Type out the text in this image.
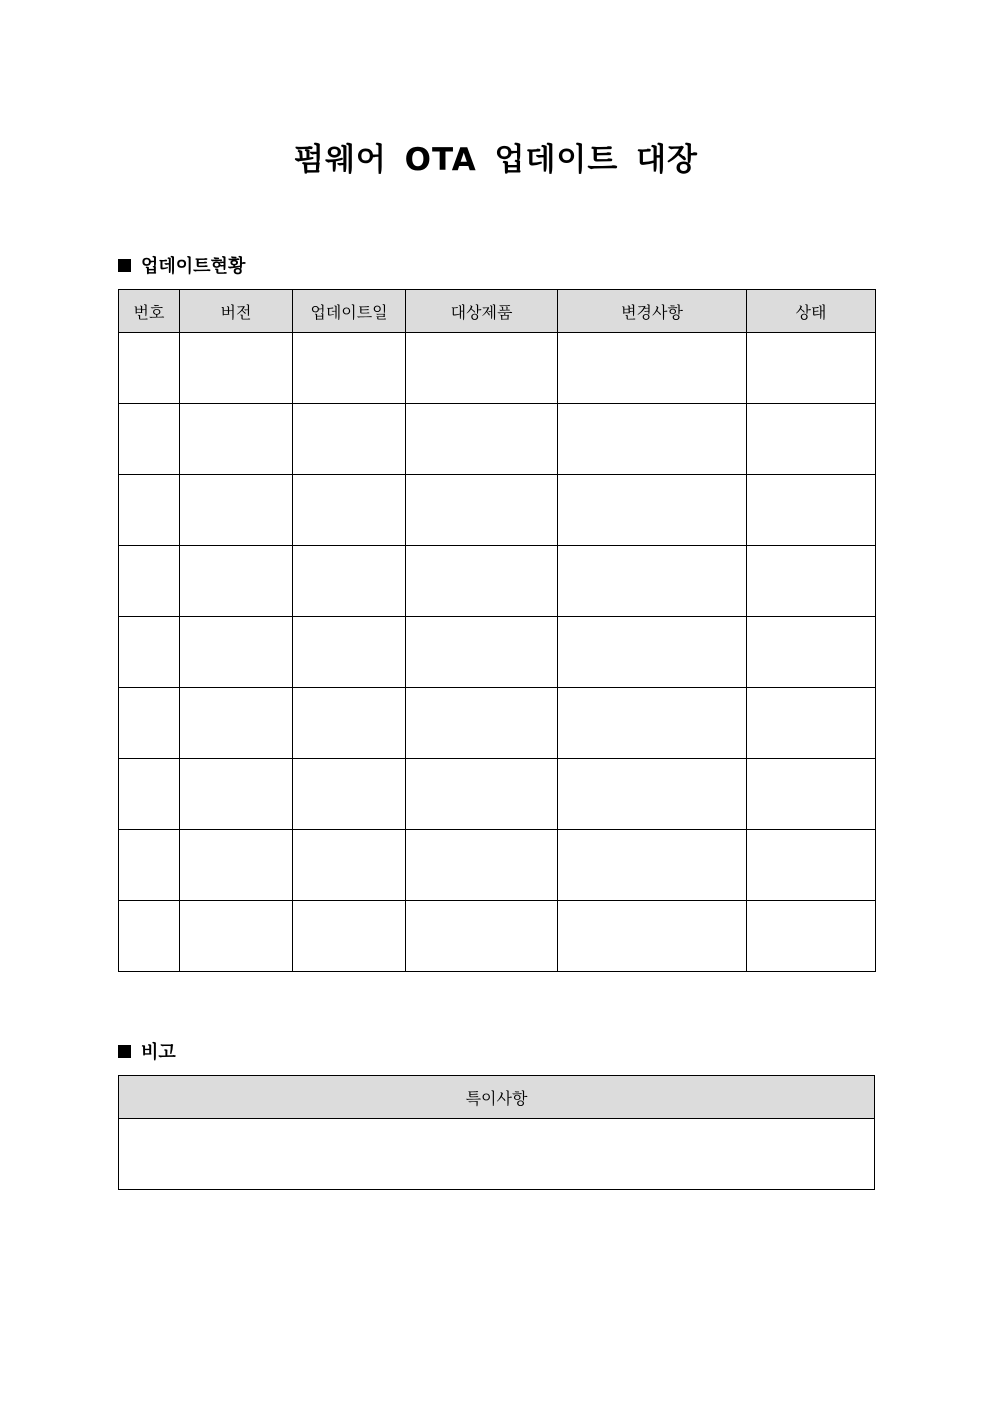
펌웨어 OTA 업데이트 대장
업데이트현황
번호	버전	업데이트일	대상제품	변경사항	상태

비고
특이사항
